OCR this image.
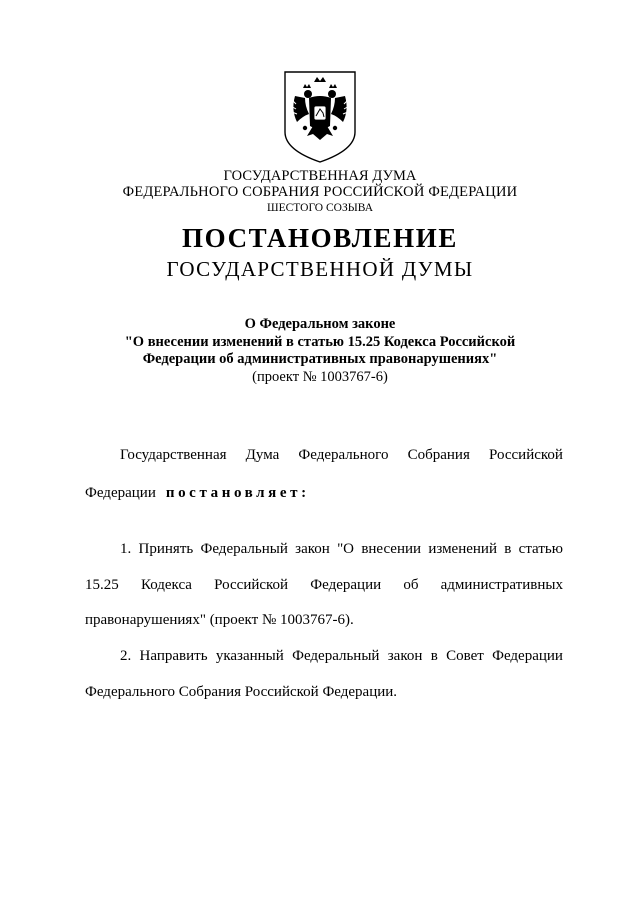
ГОСУДАРСТВЕННАЯ ДУМА
ФЕДЕРАЛЬНОГО СОБРАНИЯ РОССИЙСКОЙ ФЕДЕРАЦИИ
ШЕСТОГО СОЗЫВА
ПОСТАНОВЛЕНИЕ
ГОСУДАРСТВЕННОЙ ДУМЫ
О Федеральном законе
"О внесении изменений в статью 15.25 Кодекса Российской
Федерации об административных правонарушениях"
(проект № 1003767-6)
Государственная Дума Федерального Собрания Российской
Федерации постановляет:
1. Принять Федеральный закон "О внесении изменений в статью
15.25 Кодекса Российской Федерации об административных
правонарушениях" (проект № 1003767-6).
2. Направить указанный Федеральный закон в Совет Федерации
Федерального Собрания Российской Федерации.
